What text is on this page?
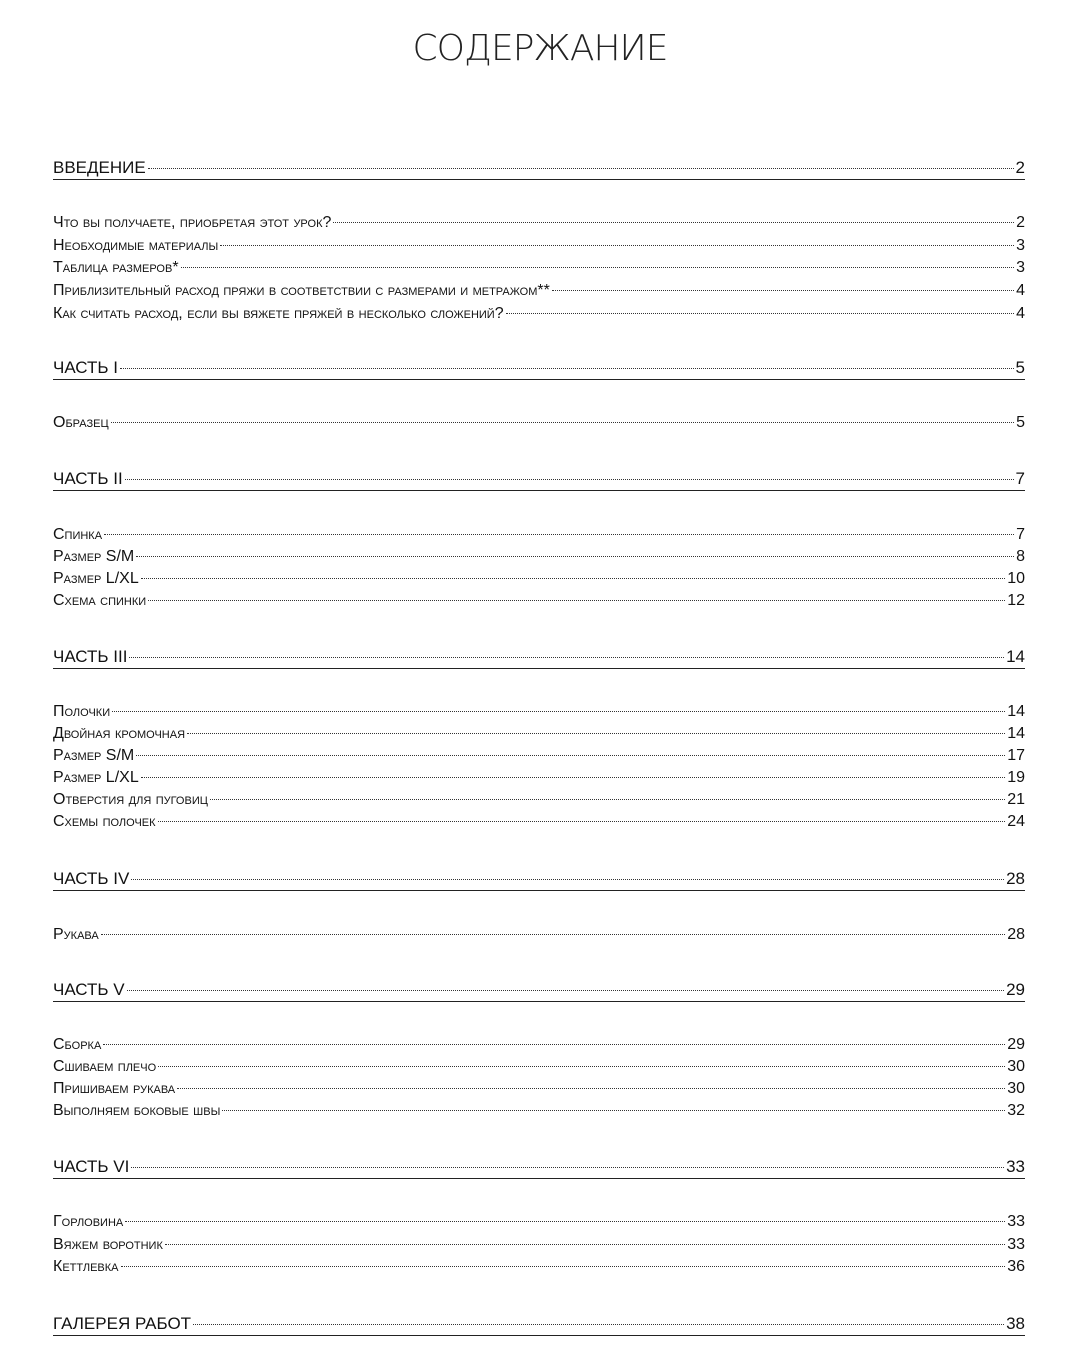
СОДЕРЖАНИЕ
ВВЕДЕНИЕ	2
Что вы получаете, приобретая этот урок?	2
Необходимые материалы	3
Таблица размеров*	3
Приблизительный расход пряжи в соответствии с размерами и метражом**	4
Как считать расход, если вы вяжете пряжей в несколько сложений?	4
ЧАСТЬ I	5
Образец	5
ЧАСТЬ II	7
Спинка	7
Размер S/M	8
Размер L/XL	10
Схема спинки	12
ЧАСТЬ III	14
Полочки	14
Двойная кромочная	14
Размер S/M	17
Размер L/XL	19
Отверстия для пуговиц	21
Схемы полочек	24
ЧАСТЬ IV	28
Рукава	28
ЧАСТЬ V	29
Сборка	29
Сшиваем плечо	30
Пришиваем рукава	30
Выполняем боковые швы	32
ЧАСТЬ VI	33
Горловина	33
Вяжем воротник	33
Кеттлевка	36
ГАЛЕРЕЯ РАБОТ	38
